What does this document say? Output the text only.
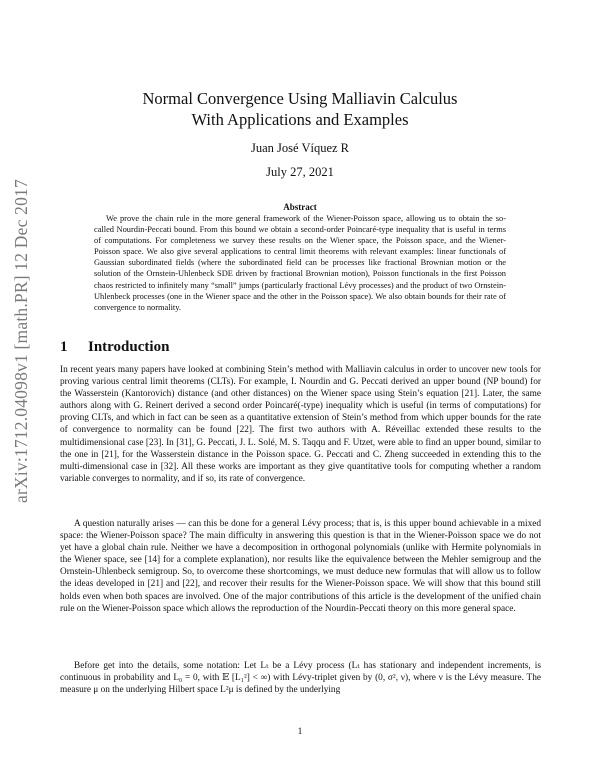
arXiv:1712.04098v1 [math.PR] 12 Dec 2017
Normal Convergence Using Malliavin Calculus
With Applications and Examples
Juan José Víquez R
July 27, 2021
Abstract

We prove the chain rule in the more general framework of the Wiener-Poisson space, allowing us to obtain the so-called Nourdin-Peccati bound. From this bound we obtain a second-order Poincaré-type inequality that is useful in terms of computations. For completeness we survey these results on the Wiener space, the Poisson space, and the Wiener-Poisson space. We also give several applications to central limit theorems with relevant examples: linear functionals of Gaussian subordinated fields (where the subordinated field can be processes like fractional Brownian motion or the solution of the Ornstein-Uhlenbeck SDE driven by fractional Brownian motion), Poisson functionals in the first Poisson chaos restricted to infinitely many “small” jumps (particularly fractional Lévy processes) and the product of two Ornstein-Uhlenbeck processes (one in the Wiener space and the other in the Poisson space). We also obtain bounds for their rate of convergence to normality.

1 Introduction

In recent years many papers have looked at combining Stein’s method with Malliavin calculus in order to uncover new tools for proving various central limit theorems (CLTs). For example, I. Nourdin and G. Peccati derived an upper bound (NP bound) for the Wasserstein (Kantorovich) distance (and other distances) on the Wiener space using Stein’s equation [21]. Later, the same authors along with G. Reinert derived a second order Poincaré(-type) inequality which is useful (in terms of computations) for proving CLTs, and which in fact can be seen as a quantitative extension of Stein’s method from which upper bounds for the rate of convergence to normality can be found [22]. The first two authors with A. Réveillac extended these results to the multidimensional case [23]. In [31], G. Peccati, J. L. Solé, M. S. Taqqu and F. Utzet, were able to find an upper bound, similar to the one in [21], for the Wasserstein distance in the Poisson space. G. Peccati and C. Zheng succeeded in extending this to the multi-dimensional case in [32]. All these works are important as they give quantitative tools for computing whether a random variable converges to normality, and if so, its rate of convergence.

A question naturally arises — can this be done for a general Lévy process; that is, is this upper bound achievable in a mixed space: the Wiener-Poisson space? The main difficulty in answering this question is that in the Wiener-Poisson space we do not yet have a global chain rule. Neither we have a decomposition in orthogonal polynomials (unlike with Hermite polynomials in the Wiener space, see [14] for a complete explanation), nor results like the equivalence between the Mehler semigroup and the Ornstein-Uhlenbeck semigroup. So, to overcome these shortcomings, we must deduce new formulas that will allow us to follow the ideas developed in [21] and [22], and recover their results for the Wiener-Poisson space. We will show that this bound still holds even when both spaces are involved. One of the major contributions of this article is the development of the unified chain rule on the Wiener-Poisson space which allows the reproduction of the Nourdin-Peccati theory on this more general space.

Before get into the details, some notation: Let Lₜ be a Lévy process (Lₜ has stationary and independent increments, is continuous in probability and L₀ = 0, with 𝔼 [L₁²] < ∞) with Lévy-triplet given by (0, σ², ν), where ν is the Lévy measure. The measure μ on the underlying Hilbert space L²μ is defined by the underlying

1
